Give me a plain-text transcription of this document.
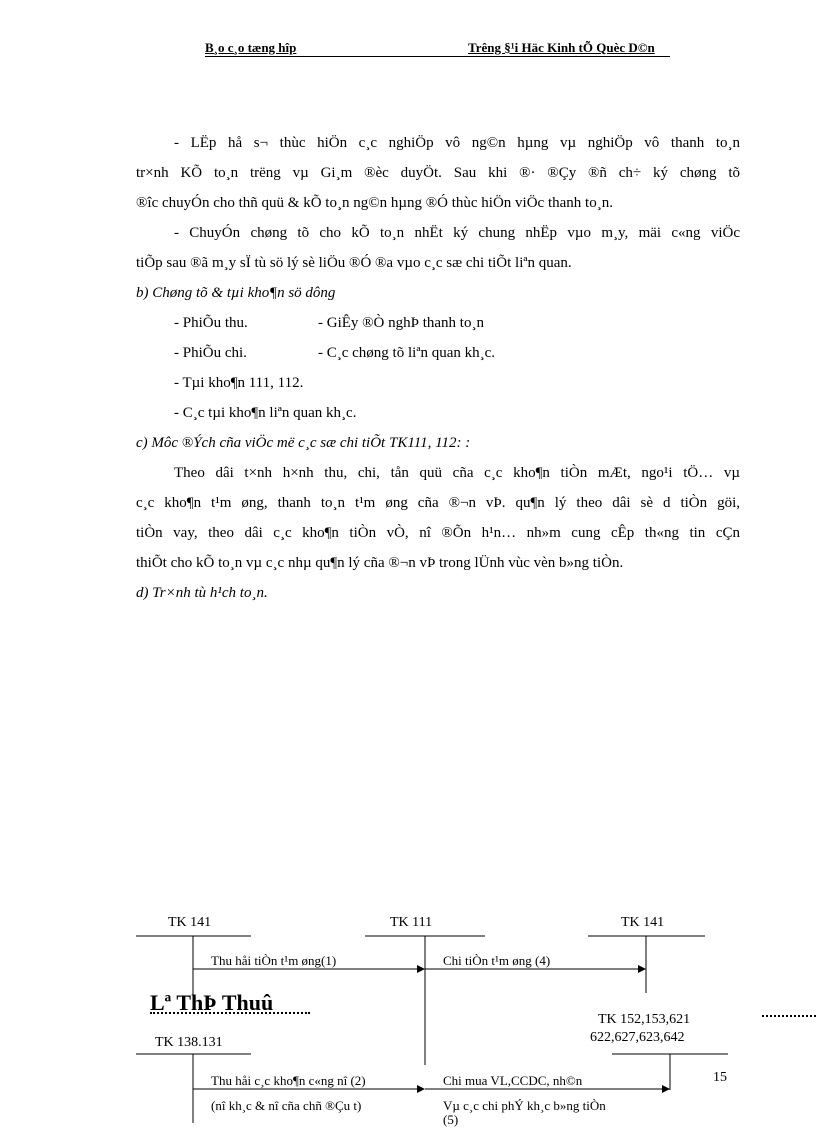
B¸o c¸o tæng hîp	Trêng §¹i Häc Kinh tÕ Quèc D©n

- LËp hå s¬ thùc hiÖn c¸c nghiÖp vô ng©n hµng vµ nghiÖp vô thanh to¸n

tr×nh KÕ to¸n trëng vµ Gi¸m ®èc duyÖt. Sau khi ®· ®Çy ®ñ ch÷ ký chøng tõ

®îc chuyÓn cho thñ quü & kÕ to¸n ng©n hµng ®Ó thùc hiÖn viÖc thanh to¸n.

- ChuyÓn chøng tõ cho kÕ to¸n nhËt ký chung nhËp vµo m¸y, mäi c«ng viÖc

tiÕp sau ®ã m¸y sÏ tù sö lý sè liÖu ®Ó ®a vµo c¸c sæ chi tiÕt liªn quan.

b) Chøng tõ & tµi kho¶n sö dông

- PhiÕu thu.	- GiÊy ®Ò nghÞ thanh to¸n

- PhiÕu chi.	- C¸c chøng tõ liªn quan kh¸c.

- Tµi kho¶n 111, 112.

- C¸c tµi kho¶n liªn quan kh¸c.

c) Môc ®Ých cña viÖc më c¸c sæ chi tiÕt TK111, 112: :

Theo dâi t×nh h×nh thu, chi, tån quü cña c¸c kho¶n tiÒn mÆt, ngo¹i tÖ… vµ

c¸c kho¶n t¹m øng, thanh to¸n t¹m øng cña ®¬n vÞ. qu¶n lý theo dâi sè d tiÒn göi,

tiÒn vay, theo dâi c¸c kho¶n tiÒn vÒ, nî ®Õn h¹n… nh»m cung cÊp th«ng tin cÇn

thiÕt cho kÕ to¸n vµ c¸c nhµ qu¶n lý cña ®¬n vÞ trong lÜnh vùc vèn b»ng tiÒn.

d) Tr×nh tù h¹ch to¸n.

TK 141	TK 111	TK 141
Thu håi tiÒn t¹m øng(1)	Chi tiÒn t¹m øng (4)
TK 152,153,621
622,627,623,642
TK 138.131
Thu håi c¸c kho¶n c«ng nî (2)
(nî kh¸c & nî cña chñ ®Çu t)
Chi mua VL,CCDC, nh©n
Vµ c¸c chi phÝ kh¸c b»ng tiÒn
(5)
Lª ThÞ Thuû
15
